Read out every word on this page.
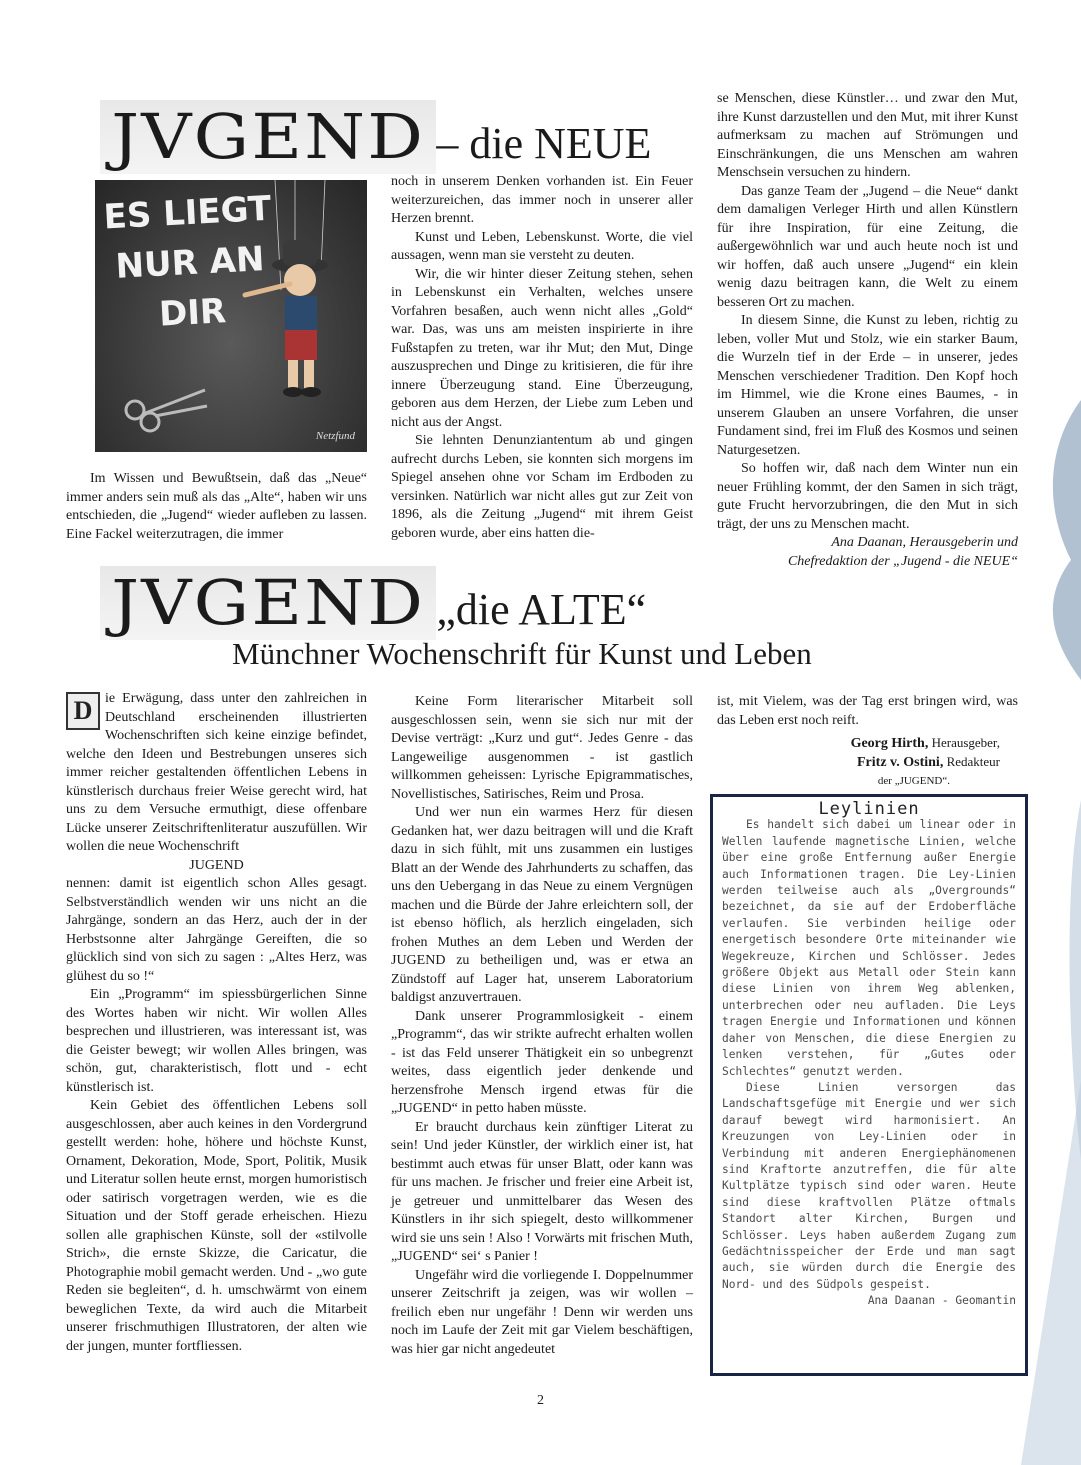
JVGEND – die NEUE
ES LIEGT NUR AN DIR
Netzfund

Im Wissen und Bewußtsein, daß das „Neue“ immer anders sein muß als das „Alte“, haben wir uns entschieden, die „Jugend“ wieder aufleben zu lassen. Eine Fackel weiterzutragen, die immer

noch in unserem Denken vorhanden ist. Ein Feuer weiterzureichen, das immer noch in unserer aller Herzen brennt.

Kunst und Leben, Lebenskunst. Worte, die viel aussagen, wenn man sie versteht zu deuten.

Wir, die wir hinter dieser Zeitung stehen, sehen in Lebenskunst ein Verhalten, welches unsere Vorfahren besaßen, auch wenn nicht alles „Gold“ war. Das, was uns am meisten inspirierte in ihre Fußstapfen zu treten, war ihr Mut; den Mut, Dinge auszusprechen und Dinge zu kritisieren, die für ihre innere Überzeugung stand. Eine Überzeugung, geboren aus dem Herzen, der Liebe zum Leben und nicht aus der Angst.

Sie lehnten Denunziantentum ab und gingen aufrecht durchs Leben, sie konnten sich morgens im Spiegel ansehen ohne vor Scham im Erdboden zu versinken. Natürlich war nicht alles gut zur Zeit von 1896, als die Zeitung „Jugend“ mit ihrem Geist geboren wurde, aber eins hatten die-

se Menschen, diese Künstler… und zwar den Mut, ihre Kunst darzustellen und den Mut, mit ihrer Kunst aufmerksam zu machen auf Strömungen und Einschränkungen, die uns Menschen am wahren Menschsein versuchen zu hindern.

Das ganze Team der „Jugend – die Neue“ dankt dem damaligen Verleger Hirth und allen Künstlern für ihre Inspiration, für eine Zeitung, die außergewöhnlich war und auch heute noch ist und wir hoffen, daß auch unsere „Jugend“ ein klein wenig dazu beitragen kann, die Welt zu einem besseren Ort zu machen.

In diesem Sinne, die Kunst zu leben, richtig zu leben, voller Mut und Stolz, wie ein starker Baum, die Wurzeln tief in der Erde – in unserer, jedes Menschen verschiedener Tradition. Den Kopf hoch im Himmel, wie die Krone eines Baumes, - in unserem Glauben an unsere Vorfahren, die unser Fundament sind, frei im Fluß des Kosmos und seinen Naturgesetzen.

So hoffen wir, daß nach dem Winter nun ein neuer Frühling kommt, der den Samen in sich trägt, gute Frucht hervorzubringen, die den Mut in sich trägt, der uns zu Menschen macht.

Ana Daanan, Herausgeberin und

Chefredaktion der „Jugend - die NEUE“

JVGEND „die ALTE“
Münchner Wochenschrift für Kunst und Leben

D ie Erwägung, dass unter den zahlreichen in Deutschland erscheinenden illustrierten Wochenschriften sich keine einzige befindet, welche den Ideen und Bestrebungen unseres sich immer reicher gestaltenden öffentlichen Lebens in künstlerisch durchaus freier Weise gerecht wird, hat uns zu dem Versuche ermuthigt, diese offenbare Lücke unserer Zeitschriftenliteratur auszufüllen. Wir wollen die neue Wochenschrift

JUGEND

nennen: damit ist eigentlich schon Alles gesagt. Selbstverständlich wenden wir uns nicht an die Jahrgänge, sondern an das Herz, auch der in der Herbstsonne alter Jahrgänge Gereiften, die so glücklich sind von sich zu sagen : „Altes Herz, was glühest du so !“

Ein „Programm“ im spiessbürgerlichen Sinne des Wortes haben wir nicht. Wir wollen Alles besprechen und illustrieren, was interessant ist, was die Geister bewegt; wir wollen Alles bringen, was schön, gut, charakteristisch, flott und - echt künstlerisch ist.

Kein Gebiet des öffentlichen Lebens soll ausgeschlossen, aber auch keines in den Vordergrund gestellt werden: hohe, höhere und höchste Kunst, Ornament, Dekoration, Mode, Sport, Politik, Musik und Literatur sollen heute ernst, morgen humoristisch oder satirisch vorgetragen werden, wie es die Situation und der Stoff gerade erheischen. Hiezu sollen alle graphischen Künste, soll der «stilvolle Strich», die ernste Skizze, die Caricatur, die Photographie mobil gemacht werden. Und - „wo gute Reden sie begleiten“, d. h. umschwärmt von einem beweglichen Texte, da wird auch die Mitarbeit unserer frischmuthigen Illustratoren, der alten wie der jungen, munter fortfliessen.

Keine Form literarischer Mitarbeit soll ausgeschlossen sein, wenn sie sich nur mit der Devise verträgt: „Kurz und gut“. Jedes Genre - das Langeweilige ausgenommen - ist gastlich willkommen geheissen: Lyrische Epigrammatisches, Novellistisches, Satirisches, Reim und Prosa.

Und wer nun ein warmes Herz für diesen Gedanken hat, wer dazu beitragen will und die Kraft dazu in sich fühlt, mit uns zusammen ein lustiges Blatt an der Wende des Jahrhunderts zu schaffen, das uns den Uebergang in das Neue zu einem Vergnügen machen und die Bürde der Jahre erleichtern soll, der ist ebenso höflich, als herzlich eingeladen, sich frohen Muthes an dem Leben und Werden der JUGEND zu betheiligen und, was er etwa an Zündstoff auf Lager hat, unserem Laboratorium baldigst anzuvertrauen.

Dank unserer Programmlosigkeit - einem „Programm“, das wir strikte aufrecht erhalten wollen - ist das Feld unserer Thätigkeit ein so unbegrenzt weites, dass eigentlich jeder denkende und herzensfrohe Mensch irgend etwas für die „JUGEND“ in petto haben müsste.

Er braucht durchaus kein zünftiger Literat zu sein! Und jeder Künstler, der wirklich einer ist, hat bestimmt auch etwas für unser Blatt, oder kann was für uns machen. Je frischer und freier eine Arbeit ist, je getreuer und unmittelbarer das Wesen des Künstlers in ihr sich spiegelt, desto willkommener wird sie uns sein ! Also ! Vorwärts mit frischen Muth, „JUGEND“ sei‘ s Panier !

Ungefähr wird die vorliegende I. Doppelnummer unserer Zeitschrift ja zeigen, was wir wollen – freilich eben nur ungefähr ! Denn wir werden uns noch im Laufe der Zeit mit gar Vielem beschäftigen, was hier gar nicht angedeutet

ist, mit Vielem, was der Tag erst bringen wird, was das Leben erst noch reift.

Georg Hirth, Herausgeber,
Fritz v. Ostini, Redakteur
der „JUGEND“.
Leylinien

Es handelt sich dabei um linear oder in Wellen laufende magnetische Linien, welche über eine große Entfernung außer Energie auch Informationen tragen. Die Ley-Linien werden teilweise auch als „Overgrounds“ bezeichnet, da sie auf der Erdoberfläche verlaufen. Sie verbinden heilige oder energetisch besondere Orte miteinander wie Wegekreuze, Kirchen und Schlösser. Jedes größere Objekt aus Metall oder Stein kann diese Linien von ihrem Weg ablenken, unterbrechen oder neu aufladen. Die Leys tragen Energie und Informationen und können daher von Menschen, die diese Energien zu lenken verstehen, für „Gutes oder Schlechtes“ genutzt werden.

Diese Linien versorgen das Landschaftsgefüge mit Energie und wer sich darauf bewegt wird harmonisiert. An Kreuzungen von Ley-Linien oder in Verbindung mit anderen Energiephänomenen sind Kraftorte anzutreffen, die für alte Kultplätze typisch sind oder waren. Heute sind diese kraftvollen Plätze oftmals Standort alter Kirchen, Burgen und Schlösser. Leys haben außerdem Zugang zum Gedächtnisspeicher der Erde und man sagt auch, sie würden durch die Energie des Nord- und des Südpols gespeist.

Ana Daanan - Geomantin

2
